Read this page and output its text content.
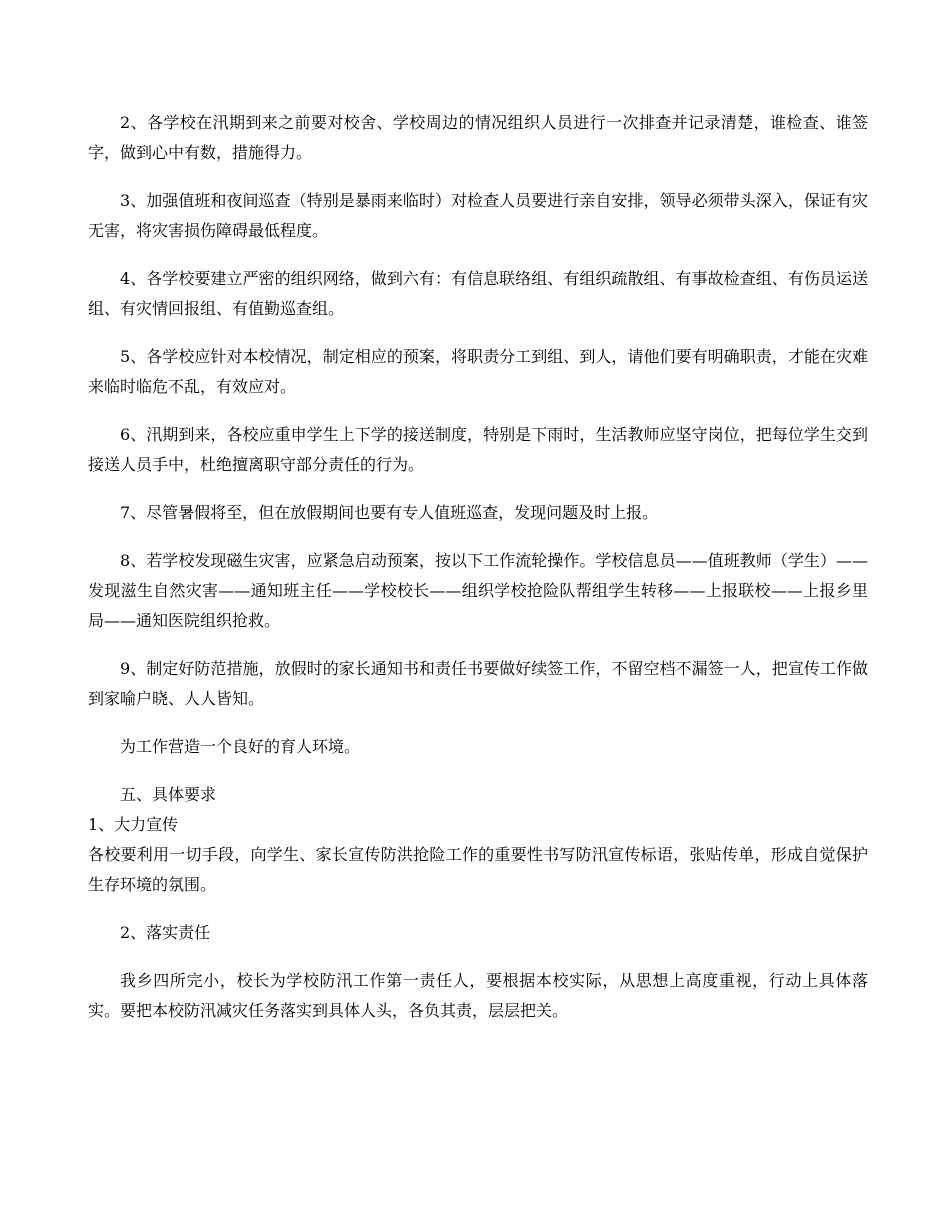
2、各学校在汛期到来之前要对校舍、学校周边的情况组织人员进行一次排查并记录清楚，谁检查、谁签字，做到心中有数，措施得力。

3、加强值班和夜间巡查（特别是暴雨来临时）对检查人员要进行亲自安排，领导必须带头深入，保证有灾无害，将灾害损伤障碍最低程度。

4、各学校要建立严密的组织网络，做到六有：有信息联络组、有组织疏散组、有事故检查组、有伤员运送组、有灾情回报组、有值勤巡查组。

5、各学校应针对本校情况，制定相应的预案，将职责分工到组、到人，请他们要有明确职责，才能在灾难来临时临危不乱，有效应对。

6、汛期到来，各校应重申学生上下学的接送制度，特别是下雨时，生活教师应坚守岗位，把每位学生交到接送人员手中，杜绝擅离职守部分责任的行为。

7、尽管暑假将至，但在放假期间也要有专人值班巡查，发现问题及时上报。

8、若学校发现磁生灾害，应紧急启动预案，按以下工作流轮操作。学校信息员——值班教师（学生）——发现滋生自然灾害——通知班主任——学校校长——组织学校抢险队帮组学生转移——上报联校——上报乡里局——通知医院组织抢救。

9、制定好防范措施，放假时的家长通知书和责任书要做好续签工作，不留空档不漏签一人，把宣传工作做到家喻户晓、人人皆知。

为工作营造一个良好的育人环境。

五、具体要求

1、大力宣传

各校要利用一切手段，向学生、家长宣传防洪抢险工作的重要性书写防汛宣传标语，张贴传单，形成自觉保护生存环境的氛围。

2、落实责任

我乡四所完小，校长为学校防汛工作第一责任人，要根据本校实际，从思想上高度重视，行动上具体落实。要把本校防汛减灾任务落实到具体人头，各负其责，层层把关。
